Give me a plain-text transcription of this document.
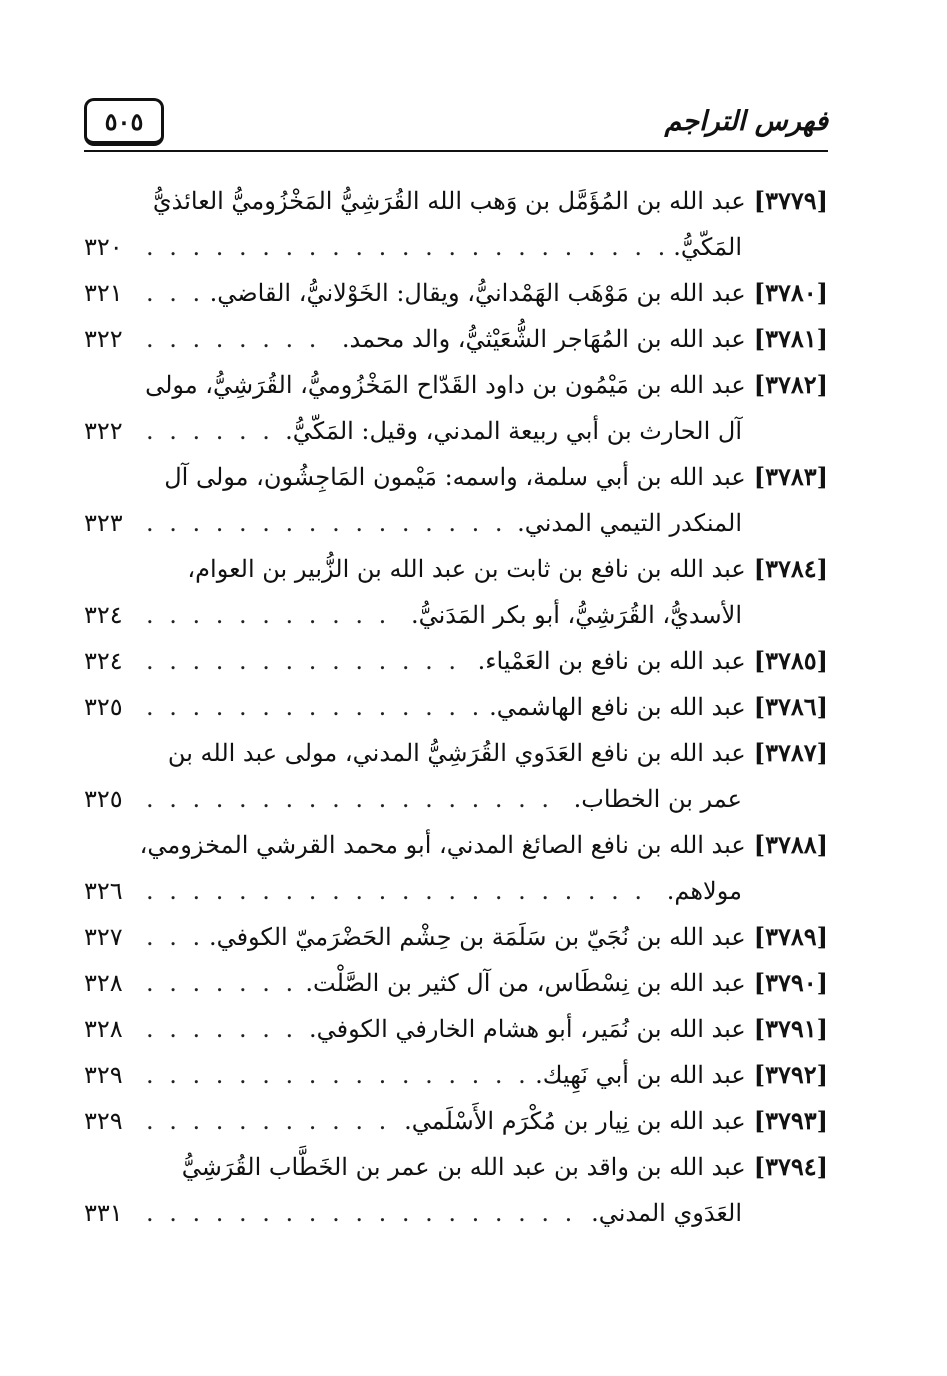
٥٠٥	فهرس التراجم
[٣٧٧٩]
عبد الله بن المُؤَمَّل بن وَهب الله القُرَشِيُّ المَخْزُوميُّ العائذيُّ
المَكّيُّ.
. . .
٣٢٠
[٣٧٨٠]
عبد الله بن مَوْهَب الهَمْدانيُّ، ويقال: الخَوْلانيُّ، القاضي.
. . .
٣٢١
[٣٧٨١]
عبد الله بن المُهَاجر الشُّعَيْثيُّ، والد محمد.
. . .
٣٢٢
[٣٧٨٢]
عبد الله بن مَيْمُون بن داود القَدّاح المَخْزُوميُّ، القُرَشِيُّ، مولى
آل الحارث بن أبي ربيعة المدني، وقيل: المَكّيُّ.
. . .
٣٢٢
[٣٧٨٣]
عبد الله بن أبي سلمة، واسمه: مَيْمون المَاجِشُون، مولى آل
المنكدر التيمي المدني.
. . .
٣٢٣
[٣٧٨٤]
عبد الله بن نافع بن ثابت بن عبد الله بن الزُّبير بن العوام،
الأسديُّ، القُرَشِيُّ، أبو بكر المَدَنيُّ.
. . .
٣٢٤
[٣٧٨٥]
عبد الله بن نافع بن العَمْياء.
. . .
٣٢٤
[٣٧٨٦]
عبد الله بن نافع الهاشمي.
. . .
٣٢٥
[٣٧٨٧]
عبد الله بن نافع العَدَوي القُرَشِيُّ المدني، مولى عبد الله بن
عمر بن الخطاب.
. . .
٣٢٥
[٣٧٨٨]
عبد الله بن نافع الصائغ المدني، أبو محمد القرشي المخزومي،
مولاهم.
. . .
٣٢٦
[٣٧٨٩]
عبد الله بن نُجَيّ بن سَلَمَة بن حِشْم الحَضْرَميّ الكوفي.
. . .
٣٢٧
[٣٧٩٠]
عبد الله بن نِسْطَاس، من آل كثير بن الصَّلْت.
. . .
٣٢٨
[٣٧٩١]
عبد الله بن نُمَير، أبو هشام الخارفي الكوفي.
. . .
٣٢٨
[٣٧٩٢]
عبد الله بن أبي نَهِيك.
. . .
٣٢٩
[٣٧٩٣]
عبد الله بن نِيار بن مُكْرَم الأَسْلَمي.
. . .
٣٢٩
[٣٧٩٤]
عبد الله بن واقد بن عبد الله بن عمر بن الخَطَّاب القُرَشِيُّ
العَدَوي المدني.
. . .
٣٣١
